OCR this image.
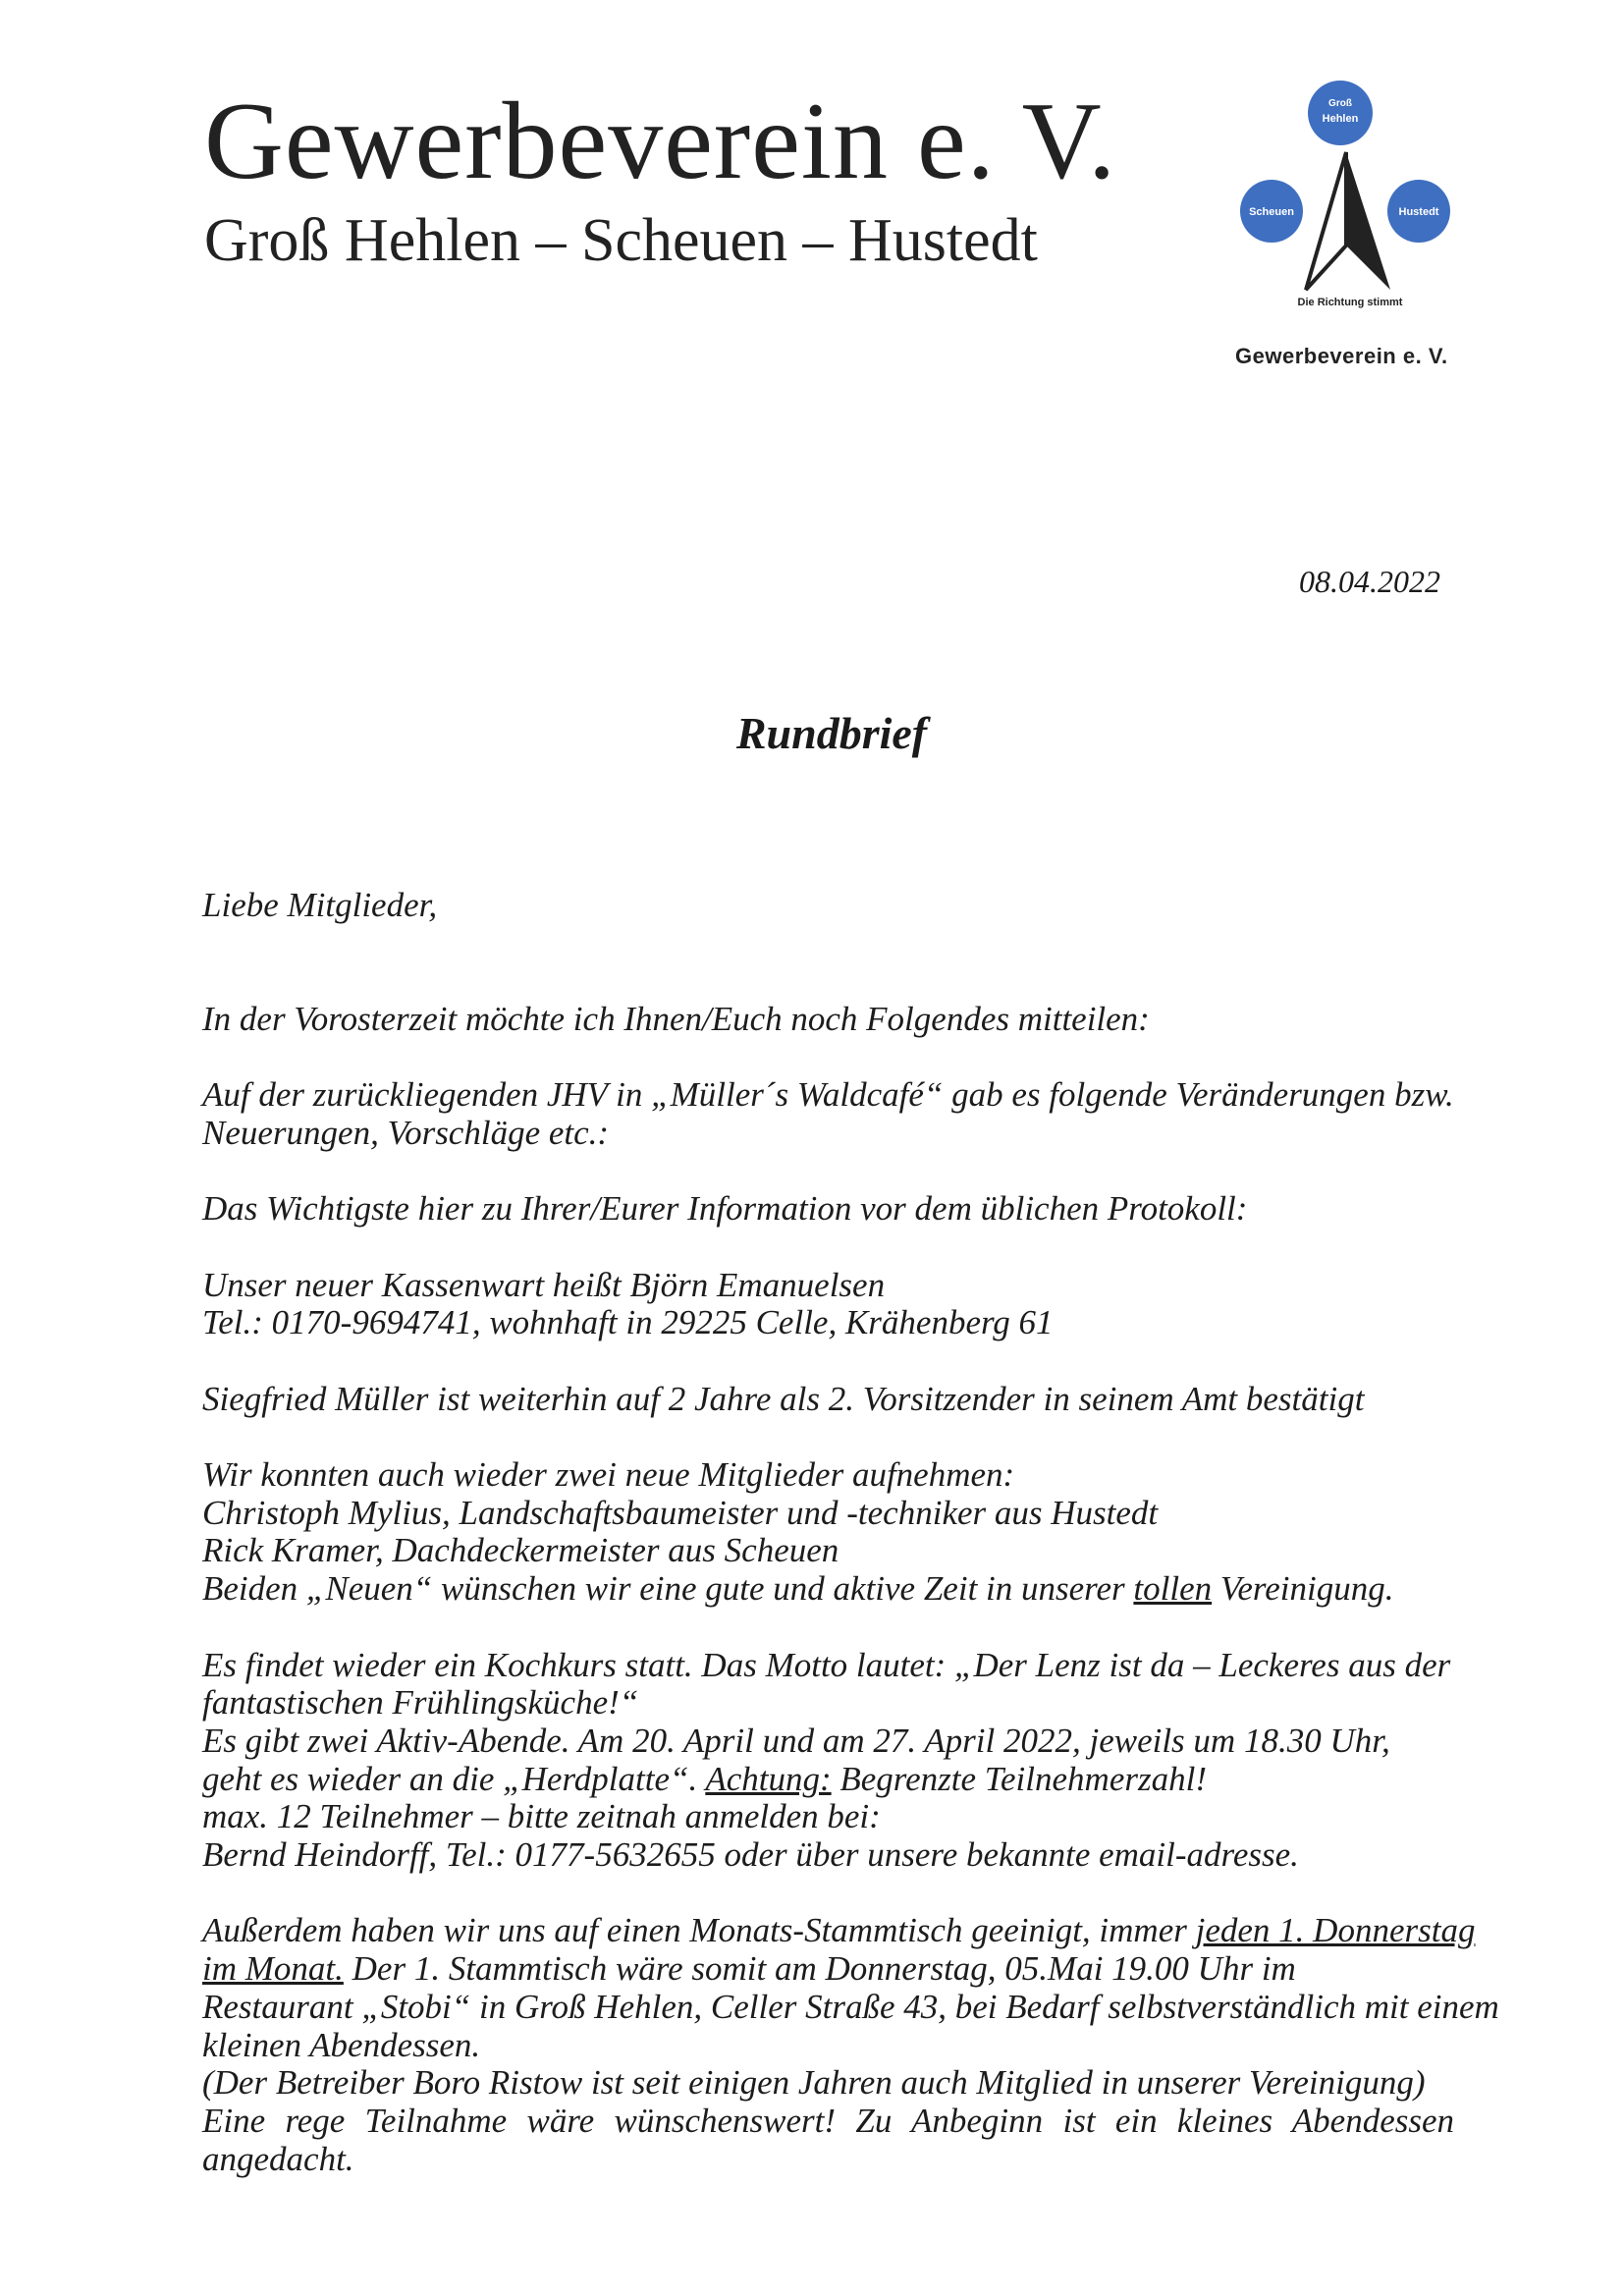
Gewerbeverein e. V.
Groß Hehlen – Scheuen – Hustedt
Groß
Hehlen
Scheuen	Hustedt
Die Richtung stimmt
Gewerbeverein e. V.
08.04.2022
Rundbrief
Liebe Mitglieder,
In der Vorosterzeit möchte ich Ihnen/Euch noch Folgendes mitteilen:
Auf der zurückliegenden JHV in „Müller´s Waldcafé“ gab es folgende Veränderungen bzw.
Neuerungen, Vorschläge etc.:
Das Wichtigste hier zu Ihrer/Eurer Information vor dem üblichen Protokoll:
Unser neuer Kassenwart heißt Björn Emanuelsen
Tel.: 0170-9694741, wohnhaft in 29225 Celle, Krähenberg 61
Siegfried Müller ist weiterhin auf 2 Jahre als 2. Vorsitzender in seinem Amt bestätigt
Wir konnten auch wieder zwei neue Mitglieder aufnehmen:
Christoph Mylius, Landschaftsbaumeister und -techniker aus Hustedt
Rick Kramer, Dachdeckermeister aus Scheuen
Beiden „Neuen“ wünschen wir eine gute und aktive Zeit in unserer tollen Vereinigung.
Es findet wieder ein Kochkurs statt. Das Motto lautet: „Der Lenz ist da – Leckeres aus der
fantastischen Frühlingsküche!“
Es gibt zwei Aktiv-Abende. Am 20. April und am 27. April 2022, jeweils um 18.30 Uhr,
geht es wieder an die „Herdplatte“. Achtung: Begrenzte Teilnehmerzahl!
max. 12 Teilnehmer – bitte zeitnah anmelden bei:
Bernd Heindorff, Tel.: 0177-5632655 oder über unsere bekannte email-adresse.
Außerdem haben wir uns auf einen Monats-Stammtisch geeinigt, immer jeden 1. Donnerstag
im Monat. Der 1. Stammtisch wäre somit am Donnerstag, 05.Mai 19.00 Uhr im
Restaurant „Stobi“ in Groß Hehlen, Celler Straße 43, bei Bedarf selbstverständlich mit einem
kleinen Abendessen.
(Der Betreiber Boro Ristow ist seit einigen Jahren auch Mitglied in unserer Vereinigung)
Eine rege Teilnahme wäre wünschenswert! Zu Anbeginn ist ein kleines Abendessen
angedacht.
